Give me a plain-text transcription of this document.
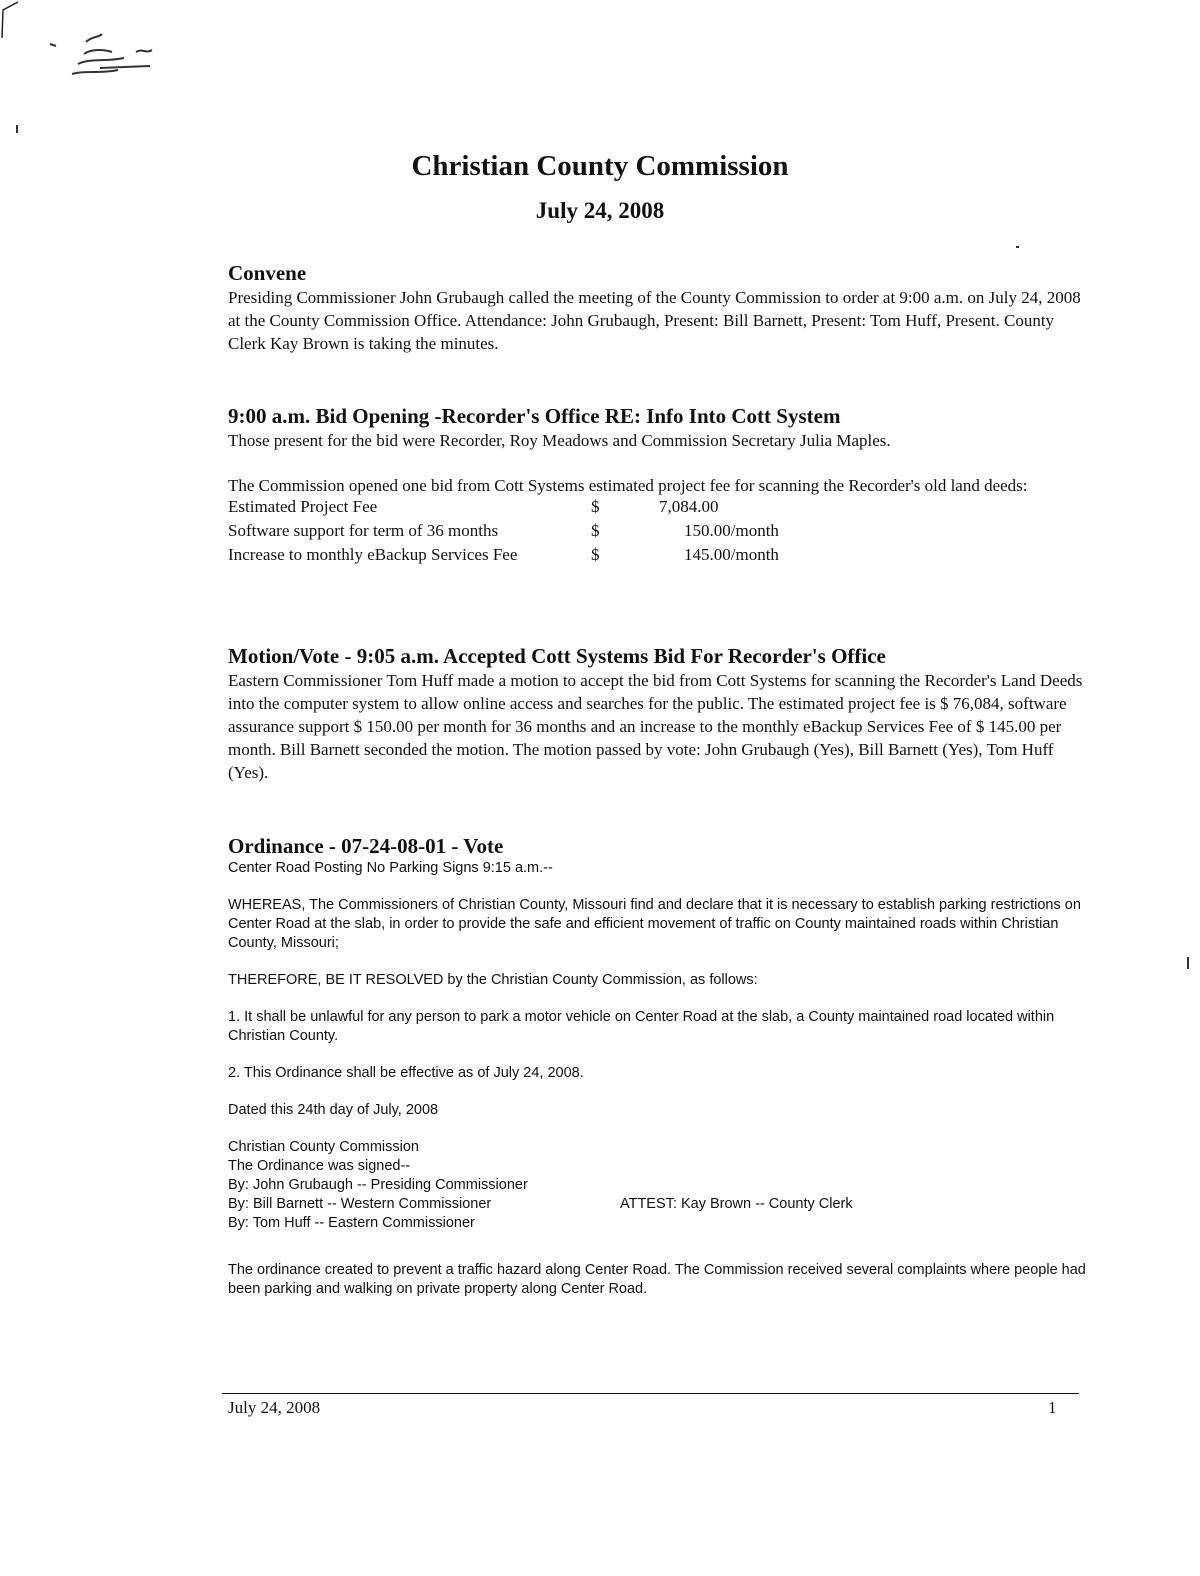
Christian County Commission
July 24, 2008
Convene
Presiding Commissioner John Grubaugh called the meeting of the County Commission to order at 9:00 a.m. on July 24, 2008 at the County Commission Office. Attendance: John Grubaugh, Present: Bill Barnett, Present: Tom Huff, Present. County Clerk Kay Brown is taking the minutes.
9:00 a.m. Bid Opening -Recorder's Office RE: Info Into Cott System
Those present for the bid were Recorder, Roy Meadows and Commission Secretary Julia Maples.
The Commission opened one bid from Cott Systems estimated project fee for scanning the Recorder's old land deeds:
Estimated Project Fee	$	7,084.00
Software support for term of 36 months	$	150.00/month
Increase to monthly eBackup Services Fee	$	145.00/month
Motion/Vote - 9:05 a.m. Accepted Cott Systems Bid For Recorder's Office
Eastern Commissioner Tom Huff made a motion to accept the bid from Cott Systems for scanning the Recorder's Land Deeds into the computer system to allow online access and searches for the public. The estimated project fee is $ 76,084, software assurance support $ 150.00 per month for 36 months and an increase to the monthly eBackup Services Fee of $ 145.00 per month. Bill Barnett seconded the motion. The motion passed by vote: John Grubaugh (Yes), Bill Barnett (Yes), Tom Huff (Yes).
Ordinance - 07-24-08-01 - Vote
Center Road Posting No Parking Signs 9:15 a.m.--
WHEREAS, The Commissioners of Christian County, Missouri find and declare that it is necessary to establish parking restrictions on Center Road at the slab, in order to provide the safe and efficient movement of traffic on County maintained roads within Christian County, Missouri;
THEREFORE, BE IT RESOLVED by the Christian County Commission, as follows:
1. It shall be unlawful for any person to park a motor vehicle on Center Road at the slab, a County maintained road located within Christian County.
2. This Ordinance shall be effective as of July 24, 2008.
Dated this 24th day of July, 2008
Christian County Commission
The Ordinance was signed--
By: John Grubaugh -- Presiding Commissioner
By: Bill Barnett -- Western Commissioner	ATTEST: Kay Brown -- County Clerk
By: Tom Huff -- Eastern Commissioner
The ordinance created to prevent a traffic hazard along Center Road. The Commission received several complaints where people had been parking and walking on private property along Center Road.
July 24, 2008	1
